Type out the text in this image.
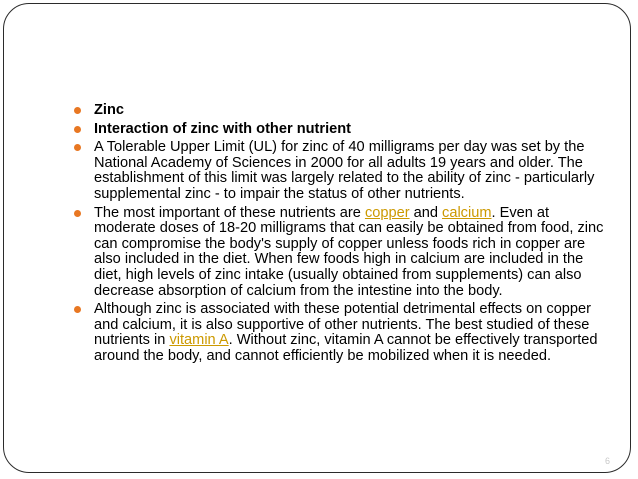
Zinc
Interaction of zinc with other nutrient
A Tolerable Upper Limit (UL) for zinc of 40 milligrams per day was set by the National Academy of Sciences in 2000 for all adults 19 years and older. The establishment of this limit was largely related to the ability of zinc - particularly supplemental zinc - to impair the status of other nutrients.
The most important of these nutrients are copper and calcium. Even at moderate doses of 18-20 milligrams that can easily be obtained from food, zinc can compromise the body's supply of copper unless foods rich in copper are also included in the diet. When few foods high in calcium are included in the diet, high levels of zinc intake (usually obtained from supplements) can also decrease absorption of calcium from the intestine into the body.
Although zinc is associated with these potential detrimental effects on copper and calcium, it is also supportive of other nutrients. The best studied of these nutrients in vitamin A. Without zinc, vitamin A cannot be effectively transported around the body, and cannot efficiently be mobilized when it is needed.
6
